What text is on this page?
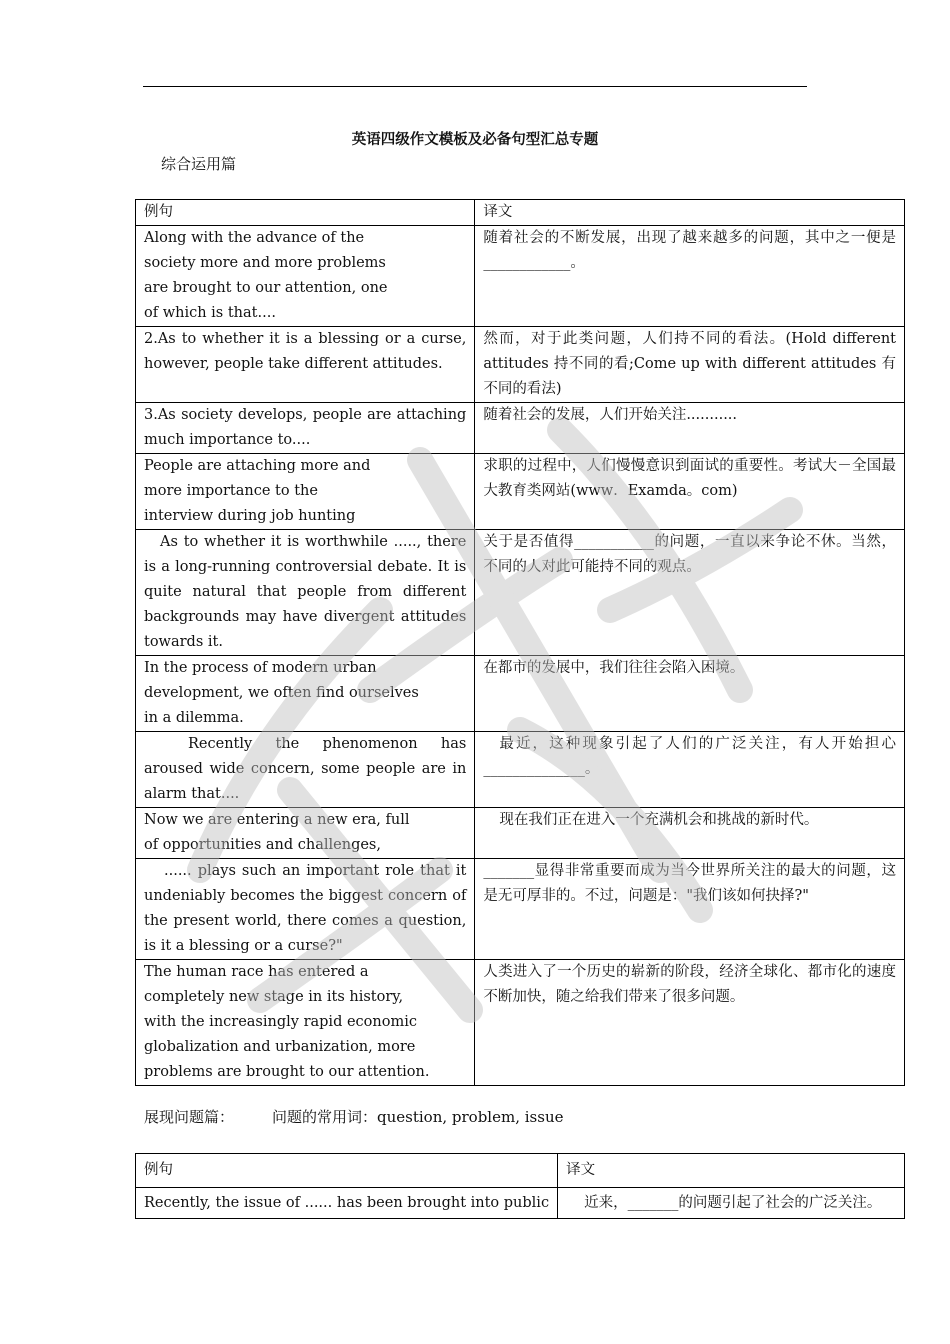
英语四级作文模板及必备句型汇总专题
综合运用篇
例句	译文

Along with the advance of the society more and more problems are brought to our attention, one of which is that....	随着社会的不断发展，出现了越来越多的问题，其中之一便是____________。
2.As to whether it is a blessing or a curse, however, people take different attitudes.	然而，对于此类问题，人们持不同的看法。(Hold different attitudes 持不同的看;Come up with different attitudes 有不同的看法)
3.As society develops, people are attaching much importance to....	随着社会的发展，人们开始关注...........

People are attaching more and more importance to the interview during job hunting	求职的过程中，人们慢慢意识到面试的重要性。考试大－全国最大教育类网站(www．Examda。com)
As to whether it is worthwhile ....., there is a long-running controversial debate. It is quite natural that people from different backgrounds may have divergent attitudes towards it.	关于是否值得___________的问题，一直以来争论不休。当然，不同的人对此可能持不同的观点。

In the process of modern urban development, we often find ourselves in a dilemma.	在都市的发展中，我们往往会陷入困境。
Recently the phenomenon has aroused wide concern, some people are in alarm that....	最近，这种现象引起了人们的广泛关注，有人开始担心______________。

Now we are entering a new era, full of opportunities and challenges,	现在我们正在进入一个充满机会和挑战的新时代。
...... plays such an important role that it undeniably becomes the biggest concern of the present world, there comes a question, is it a blessing or a curse?"	_______显得非常重要而成为当今世界所关注的最大的问题，这是无可厚非的。不过，问题是："我们该如何抉择?"

The human race has entered a completely new stage in its history, with the increasingly rapid economic globalization and urbanization, more problems are brought to our attention.	人类进入了一个历史的崭新的阶段，经济全球化、都市化的速度不断加快，随之给我们带来了很多问题。
展现问题篇：	问题的常用词：question, problem, issue
例句	译文
Recently, the issue of ...... has been brought into public	近来，_______的问题引起了社会的广泛关注。
